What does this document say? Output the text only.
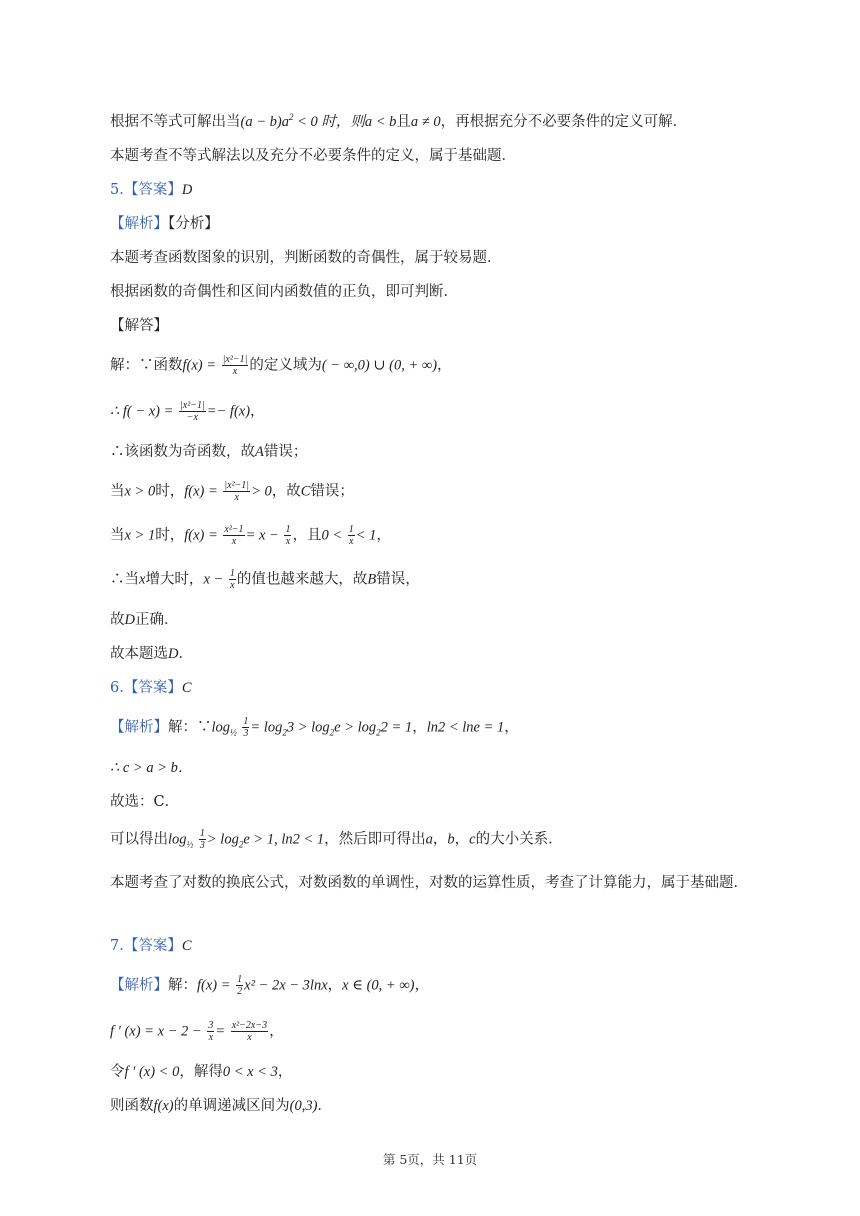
根据不等式可解出当$(a - b)a^2 < 0$ 时，则a < b且a ≠ 0，再根据充分不必要条件的定义可解．
本题考查不等式解法以及充分不必要条件的定义，属于基础题．
5.【答案】D
【解析】【分析】
本题考查函数图象的识别，判断函数的奇偶性，属于较易题．
根据函数的奇偶性和区间内函数值的正负，即可判断．
【解答】
解：∵函数$f(x) = \frac{\text{|x²−1|}}{x}$ 的定义域为( − ∞,0) ∪ (0, + ∞)，
∴ $f( - x) = \frac{\text{|x²−1|}}{-x} =- f(x)$，
∴该函数为奇函数，故A错误；
当x > 0时，$f(x) = \frac{\text{|x²−1|}}{x} > 0$，故C错误；
当x > 1时，$f(x) = \frac{\text{x²−1}}{x} = x - \frac{1}{x}$ ，且$0 < \frac{1}{x} < 1$，
∴当x增大时，$x - \frac{1}{x}$ 的值也越来越大，故B错误，
故D正确．
故本题选D．
6.【答案】C
【解析】解：$\because\log_{\frac{1}{2}} \frac{1}{3} = \log_23 > \log_2e > \log_22 = 1$，ln2 < lne = 1，
∴ c > a > b．
故选：C．
可以得出$\log_{\frac{1}{2}} \frac{1}{3} > \log_2e > 1$, ln2 < 1，然后即可得出a，b，c的大小关系．
本题考查了对数的换底公式，对数函数的单调性，对数的运算性质，考查了计算能力，属于基础题．
7.【答案】C
【解析】解：$f(x) = \frac{1}{2} x^2 - 2x - 3\ln x$，x ∈ (0, + ∞)，
f ′ $(x) = x - 2 - \frac{3}{x} = \frac{\text{x²−2x−3}}{x}$ ，
令f ′ (x) < 0，解得0 < x < 3，
则函数f(x)的单调递减区间为(0,3)．
第 5页，共 11页
